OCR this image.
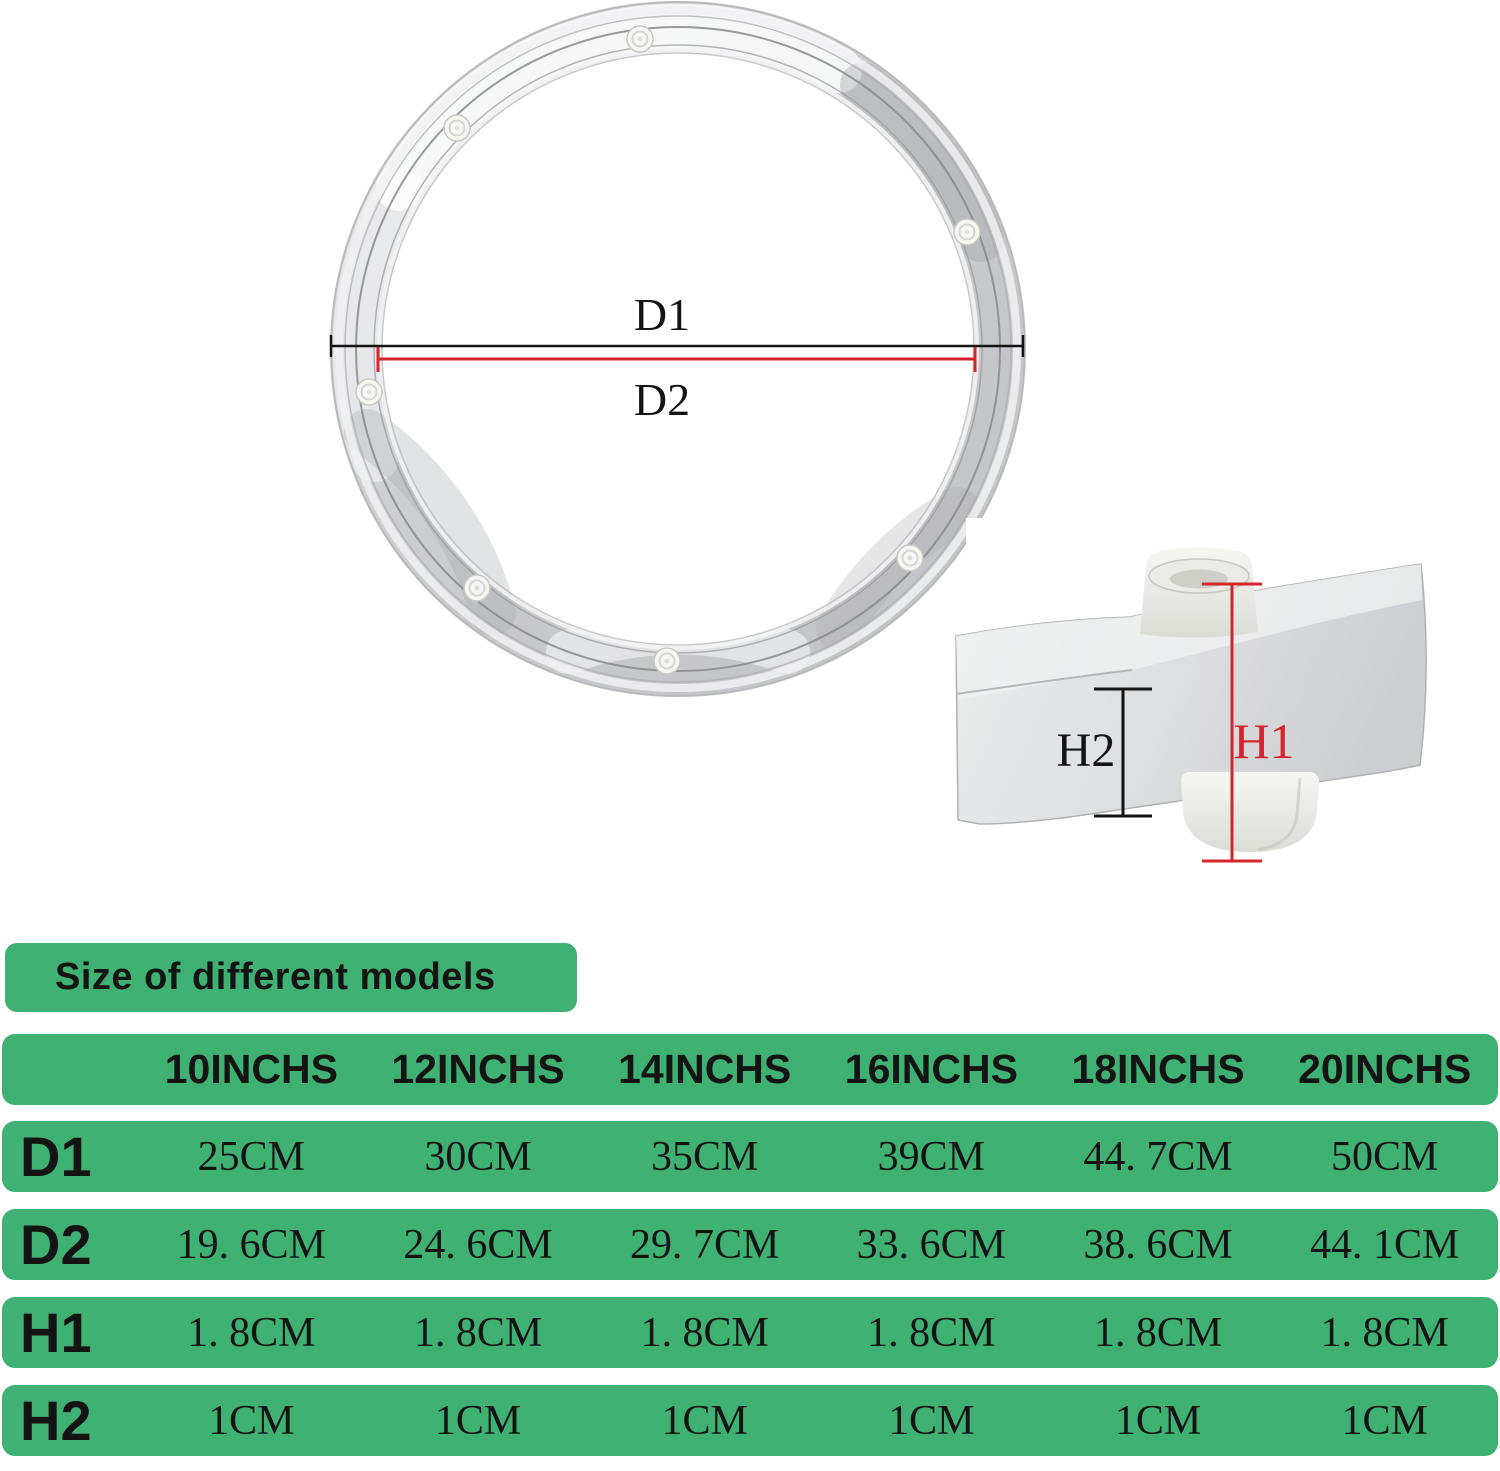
D1
D2
H2 H1
Size of different models
10INCHS	12INCHS	14INCHS	16INCHS	18INCHS	20INCHS
D1	25CM	30CM	35CM	39CM	44. 7CM	50CM
D2	19. 6CM	24. 6CM	29. 7CM	33. 6CM	38. 6CM	44. 1CM
H1	1. 8CM	1. 8CM	1. 8CM	1. 8CM	1. 8CM	1. 8CM
H2	1CM	1CM	1CM	1CM	1CM	1CM
